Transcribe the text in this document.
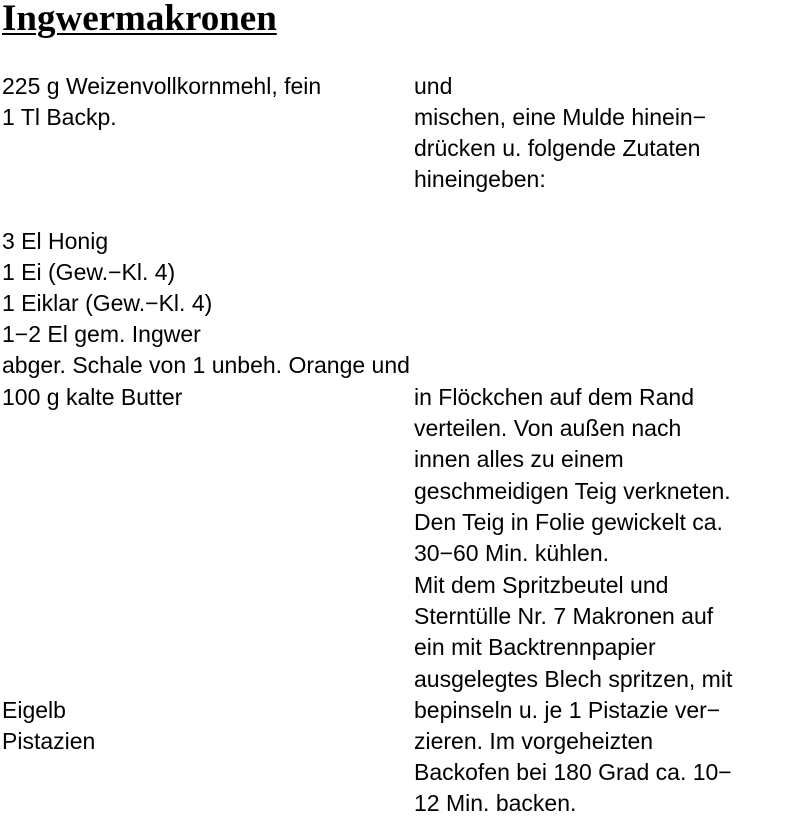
Ingwermakronen
225 g Weizenvollkornmehl, fein
1 Tl Backp.
3 El Honig
1 Ei (Gew.−Kl. 4)
1 Eiklar (Gew.−Kl. 4)
1−2 El gem. Ingwer
abger. Schale von 1 unbeh. Orange und
100 g kalte Butter
Eigelb
Pistazien
und
mischen, eine Mulde hinein−
drücken u. folgende Zutaten
hineingeben:
in Flöckchen auf dem Rand
verteilen. Von außen nach
innen alles zu einem
geschmeidigen Teig verkneten.
Den Teig in Folie gewickelt ca.
30−60 Min. kühlen.
Mit dem Spritzbeutel und
Sterntülle Nr. 7 Makronen auf
ein mit Backtrennpapier
ausgelegtes Blech spritzen, mit
bepinseln u. je 1 Pistazie ver−
zieren. Im vorgeheizten
Backofen bei 180 Grad ca. 10−
12 Min. backen.
